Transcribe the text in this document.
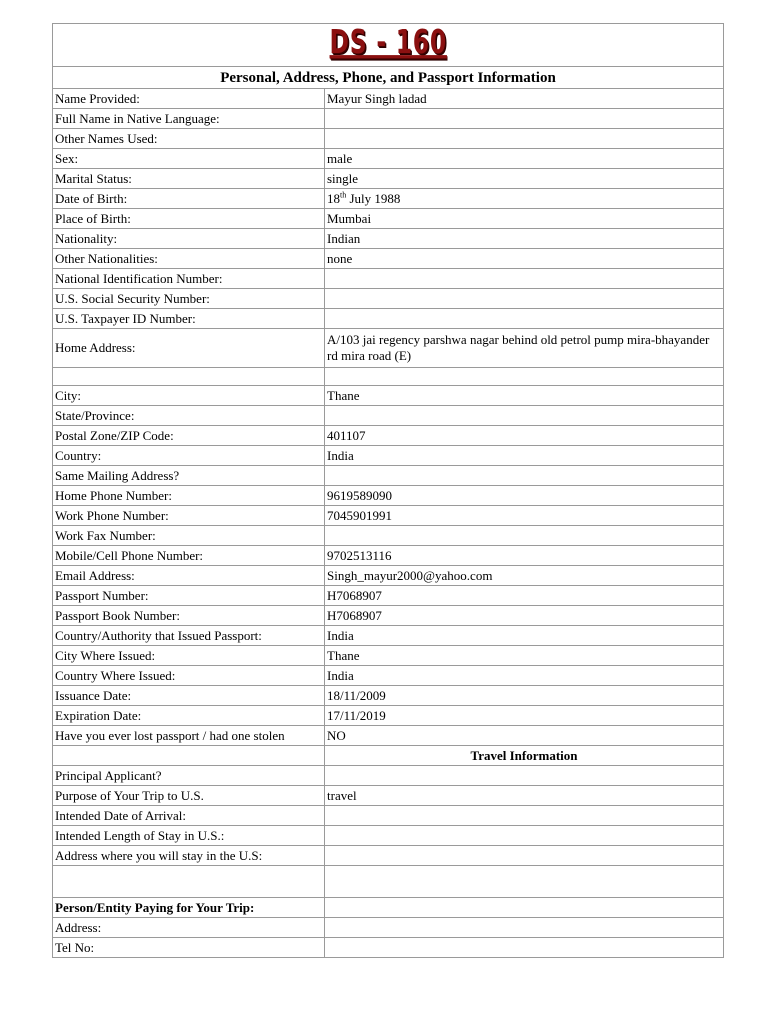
DS - 160	
Personal, Address, Phone, and Passport Information	
Name Provided:	Mayur Singh ladad
Full Name in Native Language:	
Other Names Used:	
Sex:	male
Marital Status:	single
Date of Birth:	18th July 1988
Place of Birth:	Mumbai
Nationality:	Indian
Other Nationalities:	none
National Identification Number:	
U.S. Social Security Number:	
U.S. Taxpayer ID Number:	
Home Address:	A/103 jai regency parshwa nagar behind old petrol pump mira-bhayander rd mira road (E)

City:	Thane
State/Province:	
Postal Zone/ZIP Code:	401107
Country:	India
Same Mailing Address?	
Home Phone Number:	9619589090
Work Phone Number:	7045901991
Work Fax Number:	
Mobile/Cell Phone Number:	9702513116
Email Address:	Singh_mayur2000@yahoo.com
Passport Number:	H7068907
Passport Book Number:	H7068907
Country/Authority that Issued Passport:	India
City Where Issued:	Thane
Country Where Issued:	India
Issuance Date:	18/11/2009
Expiration Date:	17/11/2019
Have you ever lost passport / had one stolen	NO
	Travel Information
Principal Applicant?	
Purpose of Your Trip to U.S.	travel
Intended Date of Arrival:	
Intended Length of Stay in U.S.:	
Address where you will stay in the U.S:	

Person/Entity Paying for Your Trip:	
Address:	
Tel No:	
